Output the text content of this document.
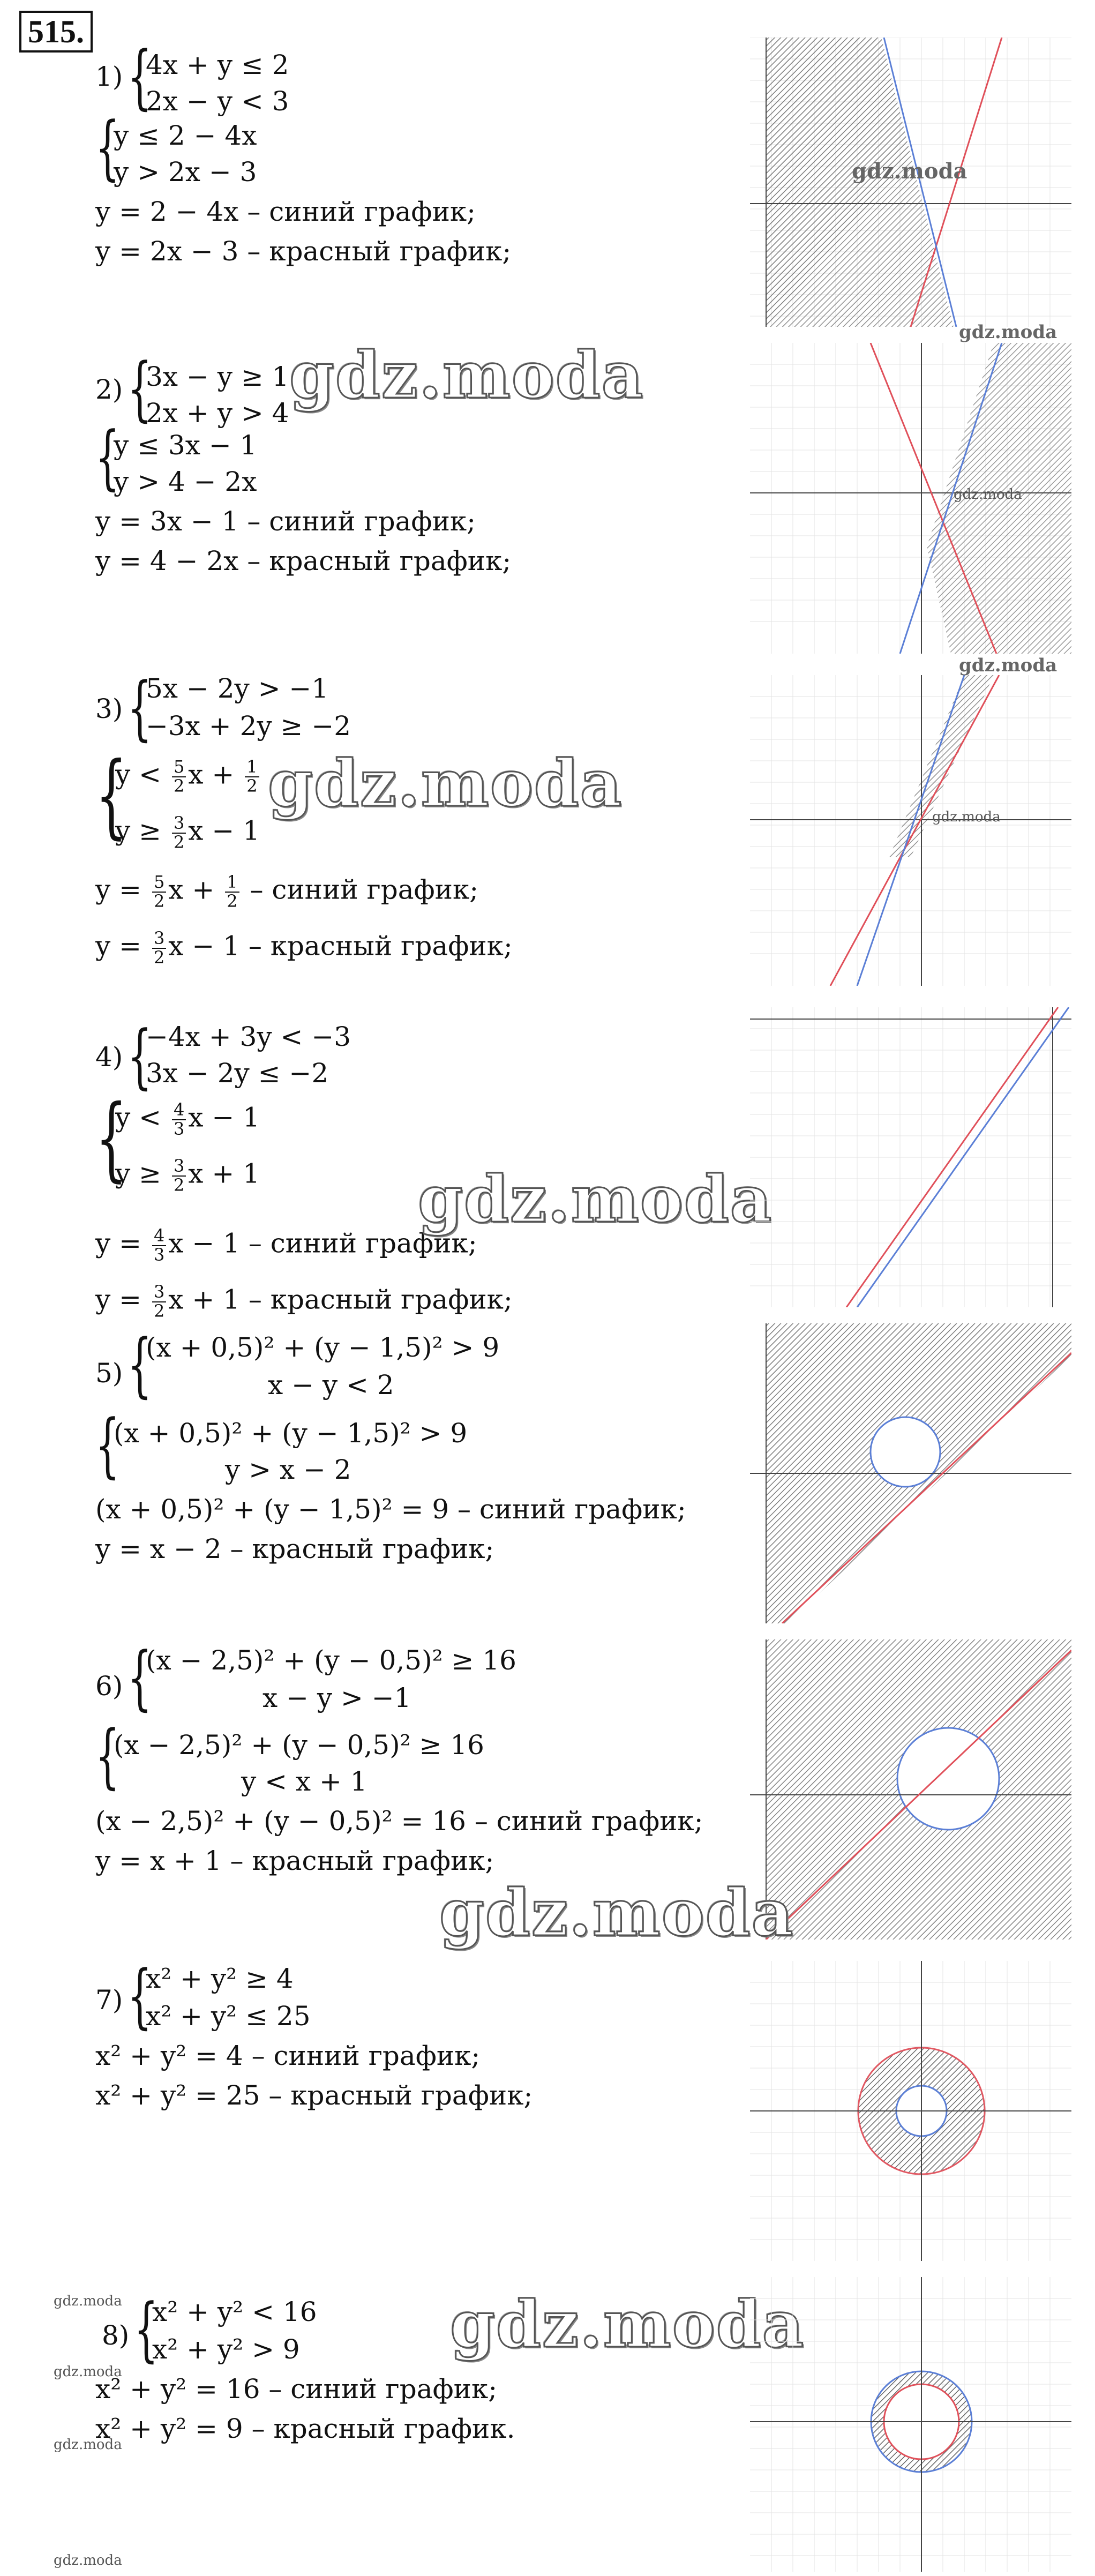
515.
1) {
4x + y ≤ 2
2x − y < 3
{
y ≤ 2 − 4x
y > 2x − 3
y = 2 − 4x – синий график;
y = 2x − 3 – красный график;
gdz.moda
2) {
3x − y ≥ 1
2x + y > 4
{
y ≤ 3x − 1
y > 4 − 2x
y = 3x − 1 – синий график;
y = 4 − 2x – красный график;
gdz.moda
gdz.moda
gdz.moda
3) {
5x − 2y > −1
−3x + 2y ≥ −2
{
$y < \frac{5}{2}$ $x + \frac{1}{2}$
$y \ge \frac{3}{2}$ x − 1
$y = \frac{5}{2}$ $x + \frac{1}{2}$ – синий график;
$y = \frac{3}{2}$ x − 1 – красный график;
gdz.moda
gdz.moda
gdz.moda
4) {
−4x + 3y < −3
3x − 2y ≤ −2
{
$y < \frac{4}{3}$ x − 1
$y \ge \frac{3}{2}$ x + 1
$y = \frac{4}{3}$ x − 1 – синий график;
$y = \frac{3}{2}$ x + 1 – красный график;
gdz.moda
5) {
(x + 0,5)² + (y − 1,5)² > 9
x − y < 2
{
(x + 0,5)² + (y − 1,5)² > 9
y > x − 2
(x + 0,5)² + (y − 1,5)² = 9 – синий график;
y = x − 2 – красный график;
6) {
(x − 2,5)² + (y − 0,5)² ≥ 16
x − y > −1
{
(x − 2,5)² + (y − 0,5)² ≥ 16
y < x + 1
(x − 2,5)² + (y − 0,5)² = 16 – синий график;
y = x + 1 – красный график;
gdz.moda
7) {
x² + y² ≥ 4
x² + y² ≤ 25
x² + y² = 4 – синий график;
x² + y² = 25 – красный график;
8) {
x² + y² < 16
x² + y² > 9
x² + y² = 16 – синий график;
x² + y² = 9 – красный график.
gdz.moda
gdz.moda
gdz.moda
gdz.moda
gdz.moda
